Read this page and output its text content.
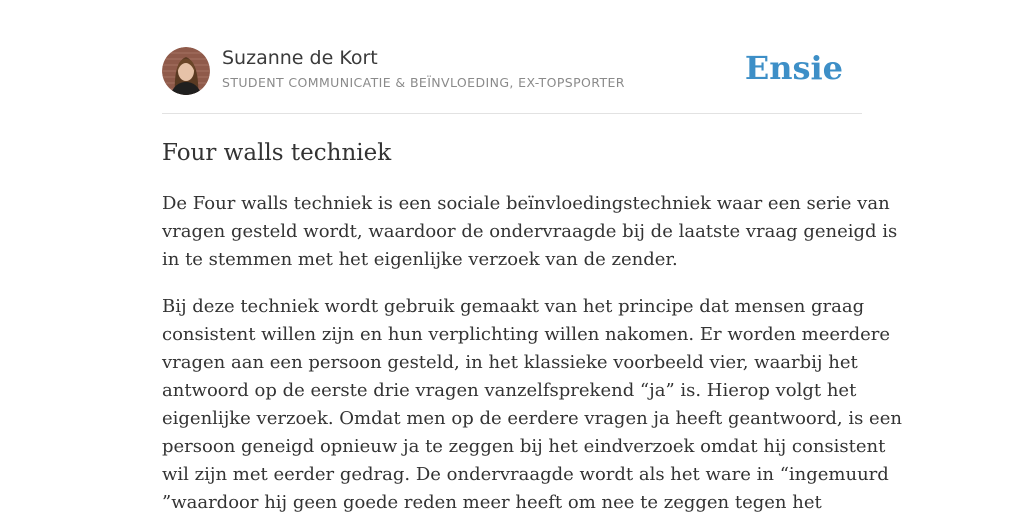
Suzanne de Kort
STUDENT COMMUNICATIE & BEÏNVLOEDING, EX-TOPSPORTER	Ensie
Four walls techniek

De Four walls techniek is een sociale beïnvloedingstechniek waar een serie van
vragen gesteld wordt, waardoor de ondervraagde bij de laatste vraag geneigd is
in te stemmen met het eigenlijke verzoek van de zender.

Bij deze techniek wordt gebruik gemaakt van het principe dat mensen graag
consistent willen zijn en hun verplichting willen nakomen. Er worden meerdere
vragen aan een persoon gesteld, in het klassieke voorbeeld vier, waarbij het
antwoord op de eerste drie vragen vanzelfsprekend “ja” is. Hierop volgt het
eigenlijke verzoek. Omdat men op de eerdere vragen ja heeft geantwoord, is een
persoon geneigd opnieuw ja te zeggen bij het eindverzoek omdat hij consistent
wil zijn met eerder gedrag. De ondervraagde wordt als het ware in “ingemuurd
”waardoor hij geen goede reden meer heeft om nee te zeggen tegen het
